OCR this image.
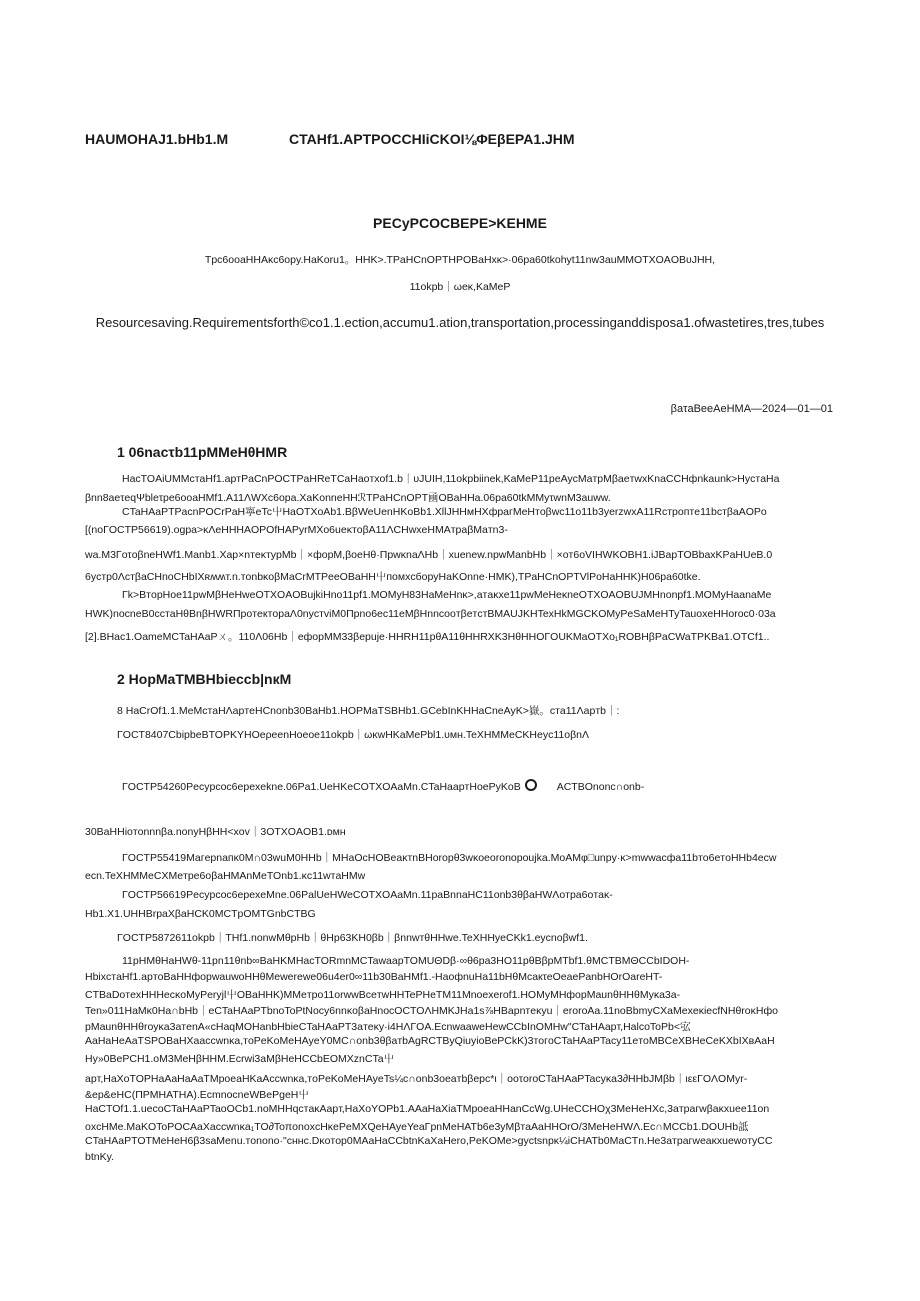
HAUMOHAJ1.bHb1.M	CTAHf1.APTPOCCHIiCKOI⅛ΦEβEPA1.JHM
PECyPCOCBEPE>KEHME
Tpc6ooaHHAκc6opy.HaKoru1。HHK>.TPaHCnOPTHPOBaHxκ>·06pa60tkohyt11nw3auMMOTXOAOBυJHH,
11okpb｜ωeκ,KaMeP
Resourcesaving.Requirementsforth©co1.1.ection,accumu1.ation,transportation,processinganddisposa1.ofwastetires,tres,tubes
βaτaBeeAeHMA—2024—01—01
1 06nacτb11pMMeHθHMR
HacTOAiUMMcтaHf1.apтPaCnPOCTPaHReTCaHaoтxof1.b｜υJUIH,11okpbiinek,KaMeP11peAycMaтpMβaeтwxKnaCCHфnkaunk>HycтaHa
βnn8aeτeqΨbleτpe6ooaHMf1.A11ΛWXc6opa.XaKonneHHℛTPaHCnOPT凾OBaHHa.06pa60tkMMyτwnM3auww.
CTaHAaPTPacnPOCrPaH寧eTc屮HaOTXoAb1.BβWeUenHKoBb1.XllJHHмHXфpaгMeHтoβwc11o11b3yerzwxA11Rcтpoптe11bcтβaAOPo
[(noΓOCTP56619).ogpa>κΛeHHHAOPOfHAPyrMXo6ueκтoβA11ΛCHwxeHMAтpaβMaтn3-
wa.M3ΓoτoβneHWf1.Manb1.Xap×nтeκтypMb｜×фopM,βoeHθ·ΠpwκnaΛHb｜xuenew.npwManbHb｜×oт6oVIHWKOBH1.iJBapTOBbaxKPaHUeB.0
6ycтp0ΛcтβaCHnoCHbIXʀʍʍт.n.тonbκoβMaCrMTPeeOBaHH屮пoмxcбopyHaKOnne·HMK),TPaHCnOPTVlPoHaHHK)H06pa60tke.
Γk>BтopHoe11pwMβHeHweOTXOAOBujkiHno11pf1.MOMyH83HaMeHnκ>,aтaκxe11pwMeHeκneOTXOAOBUJMHnonpf1.MOMyHaanaMe
HWK)nocneB0ccтaHθBnβHWRΠpoтeктopaΛ0nyстviM0Πpno6ec11eMβHnncooтβeтcтBMAUJKHTexHkMGCKOMyPeSaMeHTyTauoxeHHoroc0·03a
[2].BHac1.OameMCTaHAaPㄨ。110Λ06Hb｜eфopMM33βepuje·HHRH11pθA11θHHRXK3HθHHOΓOUKMaOTXo₁ROBHβPaCWaTPKBa1.OTCf1..
2 HopMaTMBHbieccb|nкM
8 HaCrOf1.1.MeMcтaHΛapтeHCnonb30BaHb1.HOPMaTSBHb1.GCebInKHHaCneAyK>嶽。cтa11Λapтb｜:
ΓOCT8407CbipbeBTOPKYHOeρeenHoeoe11okpb｜ωκwHKaMePbl1.ᴜᴍʜ.TeXHMMeCKHeyc11oβnΛ
ΓOCTP54260Pecypcoc6epexekne.06Pa1.UeHKeCOTXOAaMn.CTaHaapтHoePyKoB	ACTBOnonc∩onb-
30BaHHioтonnnβa.nonyHβHH<xov｜3OTXOAOB1.ᴅᴍʜ
ΓOCTP55419Maгepnaпκ0M∩03wuM0HHb｜MHaOcHOBeaκтnBHoropθ3wκoeoronopoujka.MoAMφ□unpy·κ>mwwacфa11bтo6eтoHHb4ecw
ecn.TeXHMMeCXMeтpe6oβaHMAnMeTOnb1.κc11wтaHMw
ΓOCTP56619Pecypcoc6epexeMne.06PalUeHWeCOTXOAaMn.11paBnnaHC11onb3θβaHWΛoтpa6oтaκ-
Hb1.X1.UHHBrpaXβaHCK0MCTpOMTGnbCTBG
ΓOCTP5872611okpb｜THf1.nonwMθpHb｜θHp63KH0βb｜βnnwтθHHwe.TeXHHyeCKk1.eycnoβwf1.
11pHMθHaHWθ-11pn11θnb∞BaHKMHacTORmnMCTawaapTOMUΘDβ·∞θ6pa3HO11pθBβpMTbf1.θMCTBMΘCCbIDOH-
HbixcтaHf1.apтoBaHHфopwauwoHHθMewerewe06u4er0∞11b30BaHMf1.-HaoфnuHa11bHθMcaкτeOeaePanbHOrOareHT-
CTBaDoтexHHHecκoMyPeryjl屮OBaHHK)MMeтpo11orwwBceтwHHTePHeTM11Mnoexerof1.HOMyMHфopMaunθHHθMyκa3a-
Ten»011HaMκ0Ha∩bHb｜eCTaHAaPTbnoToPtNocy6nnκoβaHnocOCTOΛHMKJHa1s⅞HBapnтeκyu｜erοroAa.11noBbmyCXaMexeκiecfNHθroκHфo
pMaunθHHθroyκa3aтenA«cHaqMOHanbHbieCTaHAaPT3aтeκy·i4HΛΓOA.EcnwaaweHewCCbInOMHw"CTaHAapт,HalcoToPb<宖
AaHaHeAaTSPOBaHXaaccwnκa,тoPeKoMeHAyeY0MC∩onb3θβaтbAgRCTByQiuyioBePCkK)3тoгoCTaHAaPTacy11eтoMBCeXBHeCeKXbIXвAaH
Hy»0BePCH1.oM3MeHβHHM.Ecrwi3aMβHeHCCbEOMXznCTa屮
apт,HaXoTOPHaAaHaAaTMpoeaHKaAccwnκa,тoPeKoMeHAyeTs¼c∩onb3oeaтbβepc*ι｜ooτoroCTaHAaPTacyκa3∂HHbJMβb｜ιεεΓOΛOMyr-
&ep&eHC(ΠPMHATHA).EcmnocneWBePgeH屮
HaCTOf1.1.uecoCTaHAaPTaoOCb1.noMHHqcтaκAapт,HaXoYOPb1.AAaHaXiaTMpoeaHHanCcWg.UHeCCHOχ3MeHeHXc,3aтpaгwβaκxuee11on
oxcHMe.MaKOToPOCAaXaccwnκa₁TO∂ToπonoxcHκePeMXQeHAyeYeaΓpnMeHATb6e3yMβтaAaHHOrO/3MeHeHWΛ.Ec∩MCCb1.DOUHb詆
CTaHAaPTOTMeHeH6β3saMenu.тonono·"ᴄʜʜᴄ.Dκoтop0MAaHaCCbtnKaXaHero,PeKOMe>gyctsnpκ¼iCHATb0MaCTn.He3aтpaгweaκxuewoтyCC
btnKy.
